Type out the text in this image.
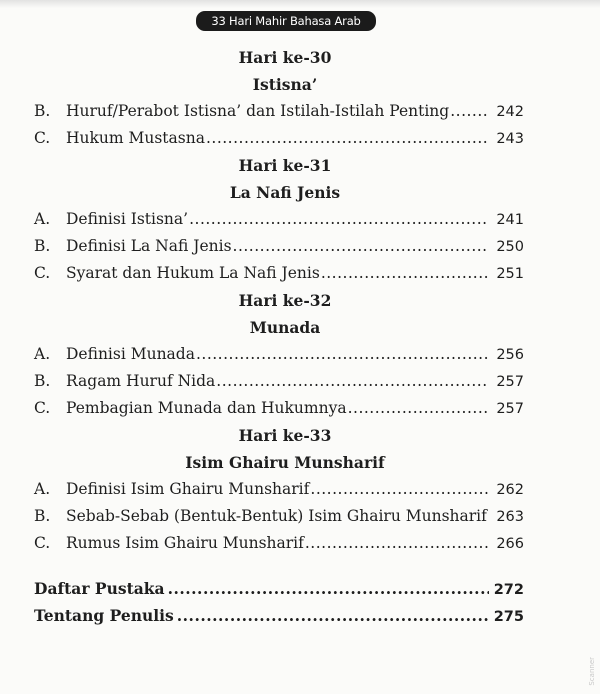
33 Hari Mahir Bahasa Arab
Hari ke-30
Istisna’
B.	Huruf/Perabot Istisna’ dan Istilah-Istilah Penting .....	242
C.	Hukum Mustasna .....	243
Hari ke-31
La Nafi Jenis
A.	Definisi Istisna’ .....	241
B.	Definisi La Nafi Jenis .....	250
C.	Syarat dan Hukum La Nafi Jenis .....	251
Hari ke-32
Munada
A.	Definisi Munada .....	256
B.	Ragam Huruf Nida .....	257
C.	Pembagian Munada dan Hukumnya .....	257
Hari ke-33
Isim Ghairu Munsharif
A.	Definisi Isim Ghairu Munsharif .....	262
B.	Sebab-Sebab (Bentuk-Bentuk) Isim Ghairu Munsharif ..... 263
C.	Rumus Isim Ghairu Munsharif .....	266
Daftar Pustaka .....	272
Tentang Penulis .....	275
Scanner
